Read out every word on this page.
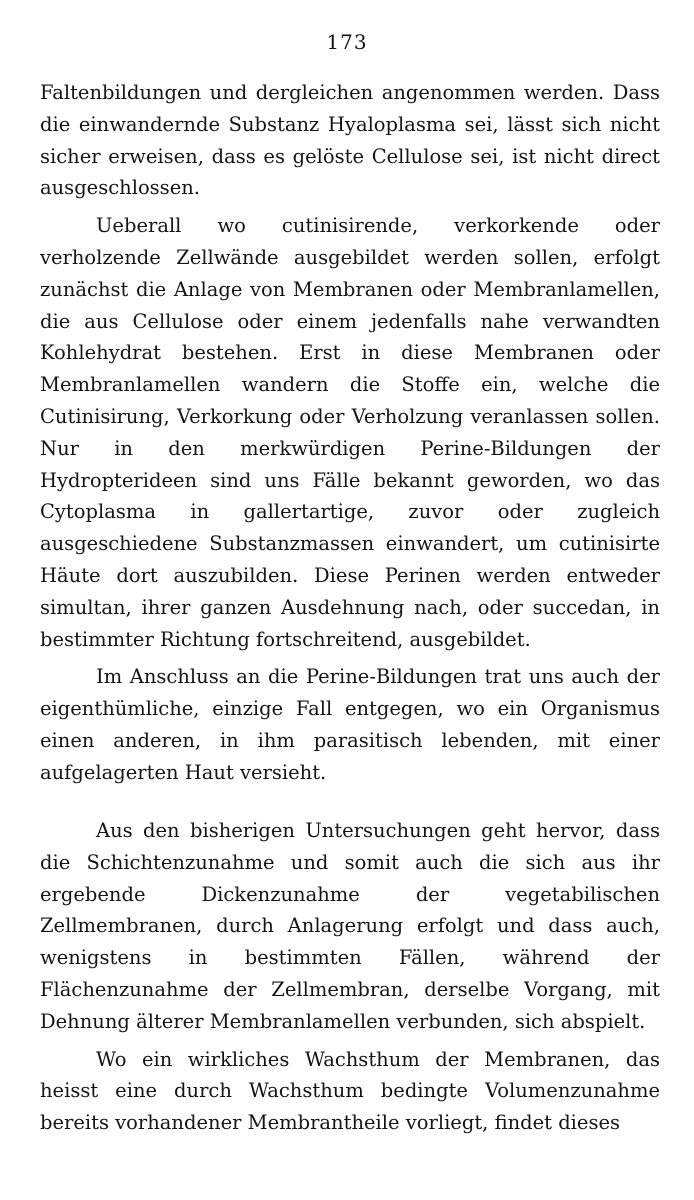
173

Faltenbildungen und dergleichen angenommen werden. Dass die einwandernde Substanz Hyaloplasma sei, lässt sich nicht sicher erweisen, dass es gelöste Cellulose sei, ist nicht direct ausgeschlossen.

Ueberall wo cutinisirende, verkorkende oder verholzende Zellwände ausgebildet werden sollen, erfolgt zunächst die Anlage von Membranen oder Membranlamellen, die aus Cellulose oder einem jedenfalls nahe verwandten Kohlehydrat bestehen. Erst in diese Membranen oder Membranlamellen wandern die Stoffe ein, welche die Cutinisirung, Verkorkung oder Verholzung veranlassen sollen. Nur in den merkwürdigen Perine-Bildungen der Hydropterideen sind uns Fälle bekannt geworden, wo das Cytoplasma in gallertartige, zuvor oder zugleich ausgeschiedene Substanzmassen einwandert, um cutinisirte Häute dort auszubilden. Diese Perinen werden entweder simultan, ihrer ganzen Ausdehnung nach, oder succedan, in bestimmter Richtung fortschreitend, ausgebildet.

Im Anschluss an die Perine-Bildungen trat uns auch der eigenthümliche, einzige Fall entgegen, wo ein Organismus einen anderen, in ihm parasitisch lebenden, mit einer aufgelagerten Haut versieht.

Aus den bisherigen Untersuchungen geht hervor, dass die Schichtenzunahme und somit auch die sich aus ihr ergebende Dickenzunahme der vegetabilischen Zellmembranen, durch Anlagerung erfolgt und dass auch, wenigstens in bestimmten Fällen, während der Flächenzunahme der Zellmembran, derselbe Vorgang, mit Dehnung älterer Membranlamellen verbunden, sich abspielt.

Wo ein wirkliches Wachsthum der Membranen, das heisst eine durch Wachsthum bedingte Volumenzunahme bereits vorhandener Membrantheile vorliegt, findet dieses
